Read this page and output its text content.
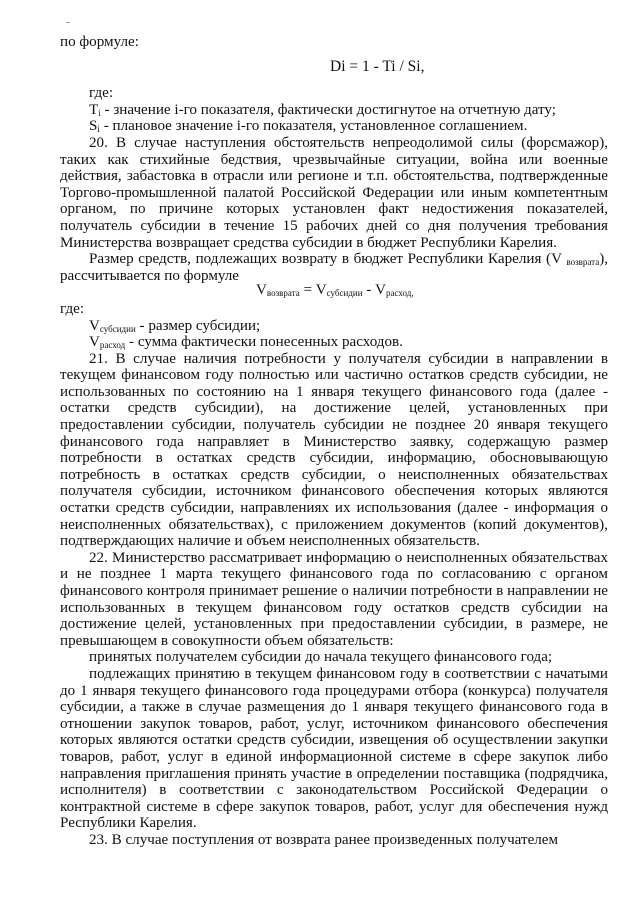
по формуле:

Di = 1 - Ti / Si,

где:

$T_i$ - значение i-го показателя, фактически достигнутое на отчетную дату;

$S_i$ - плановое значение i-го показателя, установленное соглашением.

20. В случае наступления обстоятельств непреодолимой силы (форсмажор), таких как стихийные бедствия, чрезвычайные ситуации, война или военные действия, забастовка в отрасли или регионе и т.п. обстоятельства, подтвержденные Торгово-промышленной палатой Российской Федерации или иным компетентным органом, по причине которых установлен факт недостижения показателей, получатель субсидии в течение 15 рабочих дней со дня получения требования Министерства возвращает средства субсидии в бюджет Республики Карелия.

Размер средств, подлежащих возврату в бюджет Республики Карелия (V $_{возврата}$), рассчитывается по формуле

$V_{возврата} = V_{субсидии} - V_{расход,}$

где:

$V_{субсидии}$ - размер субсидии;

$V_{расход}$ - сумма фактически понесенных расходов.

21. В случае наличия потребности у получателя субсидии в направлении в текущем финансовом году полностью или частично остатков средств субсидии, не использованных по состоянию на 1 января текущего финансового года (далее - остатки средств субсидии), на достижение целей, установленных при предоставлении субсидии, получатель субсидии не позднее 20 января текущего финансового года направляет в Министерство заявку, содержащую размер потребности в остатках средств субсидии, информацию, обосновывающую потребность в остатках средств субсидии, о неисполненных обязательствах получателя субсидии, источником финансового обеспечения которых являются остатки средств субсидии, направлениях их использования (далее - информация о неисполненных обязательствах), с приложением документов (копий документов), подтверждающих наличие и объем неисполненных обязательств.

22. Министерство рассматривает информацию о неисполненных обязательствах и не позднее 1 марта текущего финансового года по согласованию с органом финансового контроля принимает решение о наличии потребности в направлении не использованных в текущем финансовом году остатков средств субсидии на достижение целей, установленных при предоставлении субсидии, в размере, не превышающем в совокупности объем обязательств:

принятых получателем субсидии до начала текущего финансового года;

подлежащих принятию в текущем финансовом году в соответствии с начатыми до 1 января текущего финансового года процедурами отбора (конкурса) получателя субсидии, а также в случае размещения до 1 января текущего финансового года в отношении закупок товаров, работ, услуг, источником финансового обеспечения которых являются остатки средств субсидии, извещения об осуществлении закупки товаров, работ, услуг в единой информационной системе в сфере закупок либо направления приглашения принять участие в определении поставщика (подрядчика, исполнителя) в соответствии с законодательством Российской Федерации о контрактной системе в сфере закупок товаров, работ, услуг для обеспечения нужд Республики Карелия.

23. В случае поступления от возврата ранее произведенных получателем
